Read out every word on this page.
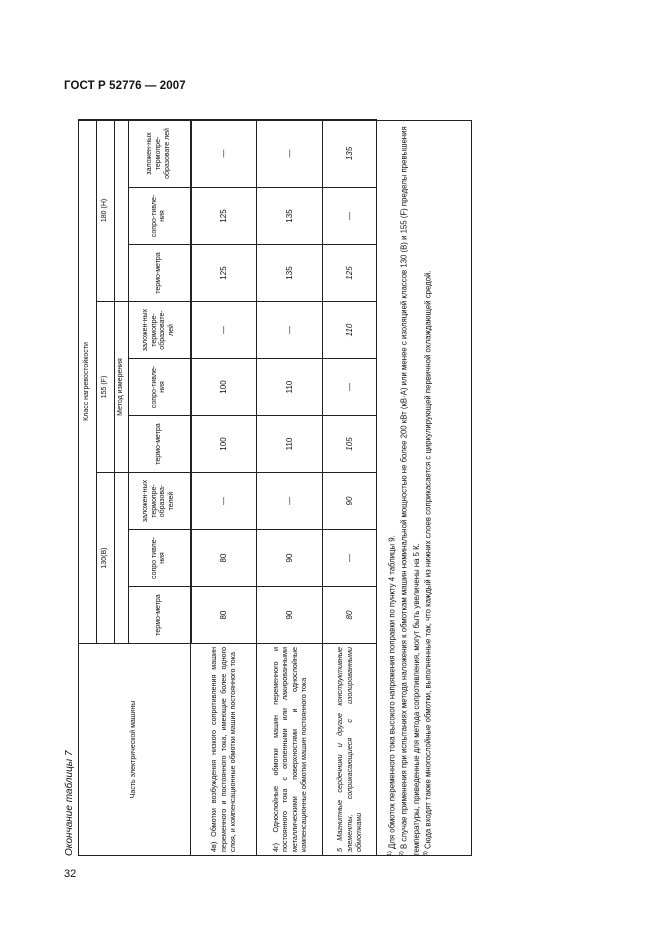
ГОСТ Р 52776 — 2007
32
Окончание таблицы 7
Часть электрической машины	Класс нагревостойкости								
	130(В)			155 (F)			180 (Н)		
				Метод измерения					
	термо-метра	сопро тивле-ния	заложен-ных термопре-образова-телей	термо-метра	сопро-тивле-ния	заложен-ных термопре-образовате-лей	термо-метра	сопро-тивле-ния	заложен-ных термопре-образовате лей
4в) Обмотки возбуждения низкого сопротивления машин переменного и постоянного тока, имеющие более одного слоя, и компенсационные обмотки машин постоянного тока	80	80	—	100	100	—	125	125	—
4г) Однослойные обмотки машин переменного и постоянного тока с оголенными или лакированными металлическими поверхностями и однослойные компенсационные обмотки машин постоянного тока	90	90	—	110	110	—	135	135	—
5 Магнитные сердечники и другие конструктивные элементы, соприкасающиеся с изолированными обмотками	80	—	90	105	—	110	125	—	135

$^{1)}$ Для обмоток переменного тока высокого напряжения поправки по пункту 4 таблицы 9.

$^{2)}$ В случае применения при испытаниях метода наложения к обмоткам машин номинальной мощностью не более 200 кВт (кВ·А) или менее с изоляцией классов 130 (В) и 155 (F) пределы превышения температуры, приведенные для метода сопротивления, могут быть увеличены на 5 К. $^{3)}$ Сюда входят также многослойные обмотки, выполненные так, что каждый из нижних слоев соприкасается с циркулирующей первичной охлаждающей средой.
